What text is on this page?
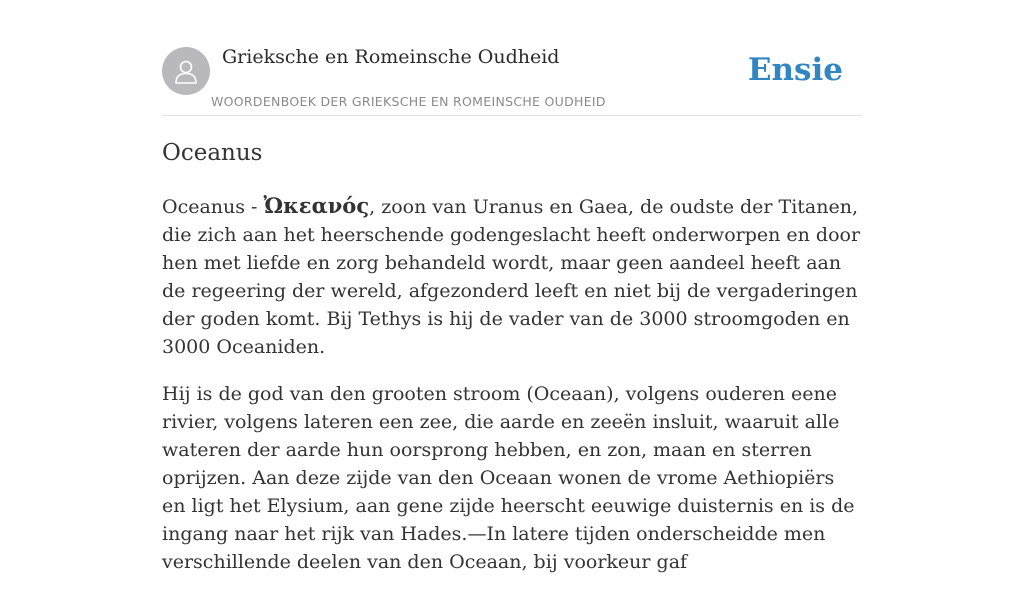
Grieksche en Romeinsche Oudheid
WOORDENBOEK DER GRIEKSCHE EN ROMEINSCHE OUDHEID
Ensie
Oceanus

Oceanus - Ὠκεανός, zoon van Uranus en Gaea, de oudste der Titanen, die zich aan het heerschende godengeslacht heeft onderworpen en door hen met liefde en zorg behandeld wordt, maar geen aandeel heeft aan de regeering der wereld, afgezonderd leeft en niet bij de vergaderingen der goden komt. Bij Tethys is hij de vader van de 3000 stroomgoden en 3000 Oceaniden.

Hij is de god van den grooten stroom (Oceaan), volgens ouderen eene rivier, volgens lateren een zee, die aarde en zeeën insluit, waaruit alle wateren der aarde hun oorsprong hebben, en zon, maan en sterren oprijzen. Aan deze zijde van den Oceaan wonen de vrome Aethiopiërs en ligt het Elysium, aan gene zijde heerscht eeuwige duisternis en is de ingang naar het rijk van Hades.—In latere tijden onderscheidde men verschillende deelen van den Oceaan, bij voorkeur gaf
